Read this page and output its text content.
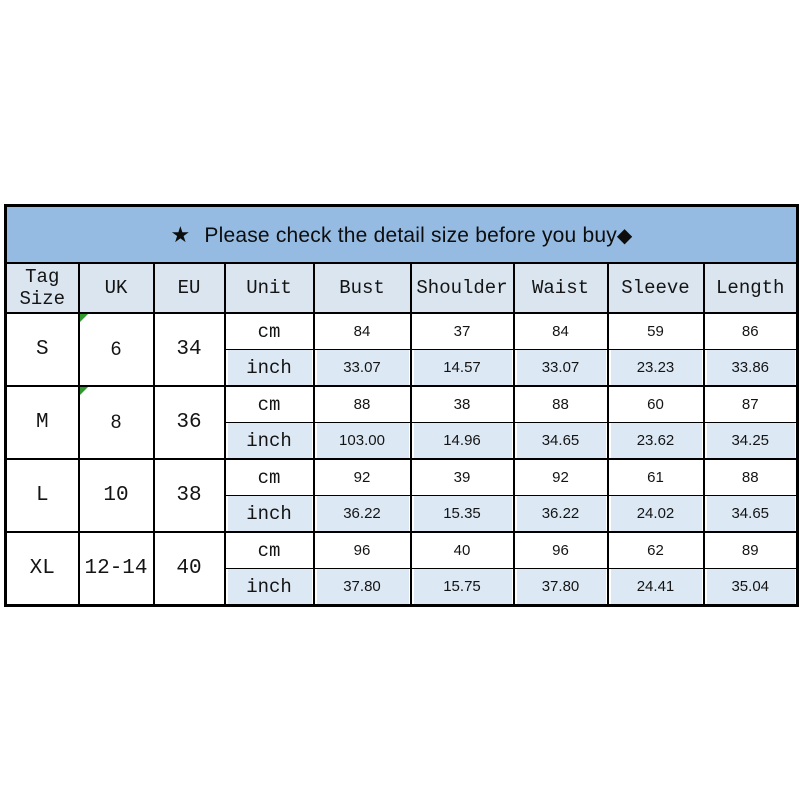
★ Please check the detail size before you buy◆								
Tag Size	UK	EU	Unit	Bust	Shoulder	Waist	Sleeve	Length
S	6	34	cm	84	37	84	59	86
			inch	33.07	14.57	33.07	23.23	33.86
M	8	36	cm	88	38	88	60	87
			inch	103.00	14.96	34.65	23.62	34.25
L	10	38	cm	92	39	92	61	88
			inch	36.22	15.35	36.22	24.02	34.65
XL	12-14	40	cm	96	40	96	62	89
			inch	37.80	15.75	37.80	24.41	35.04
